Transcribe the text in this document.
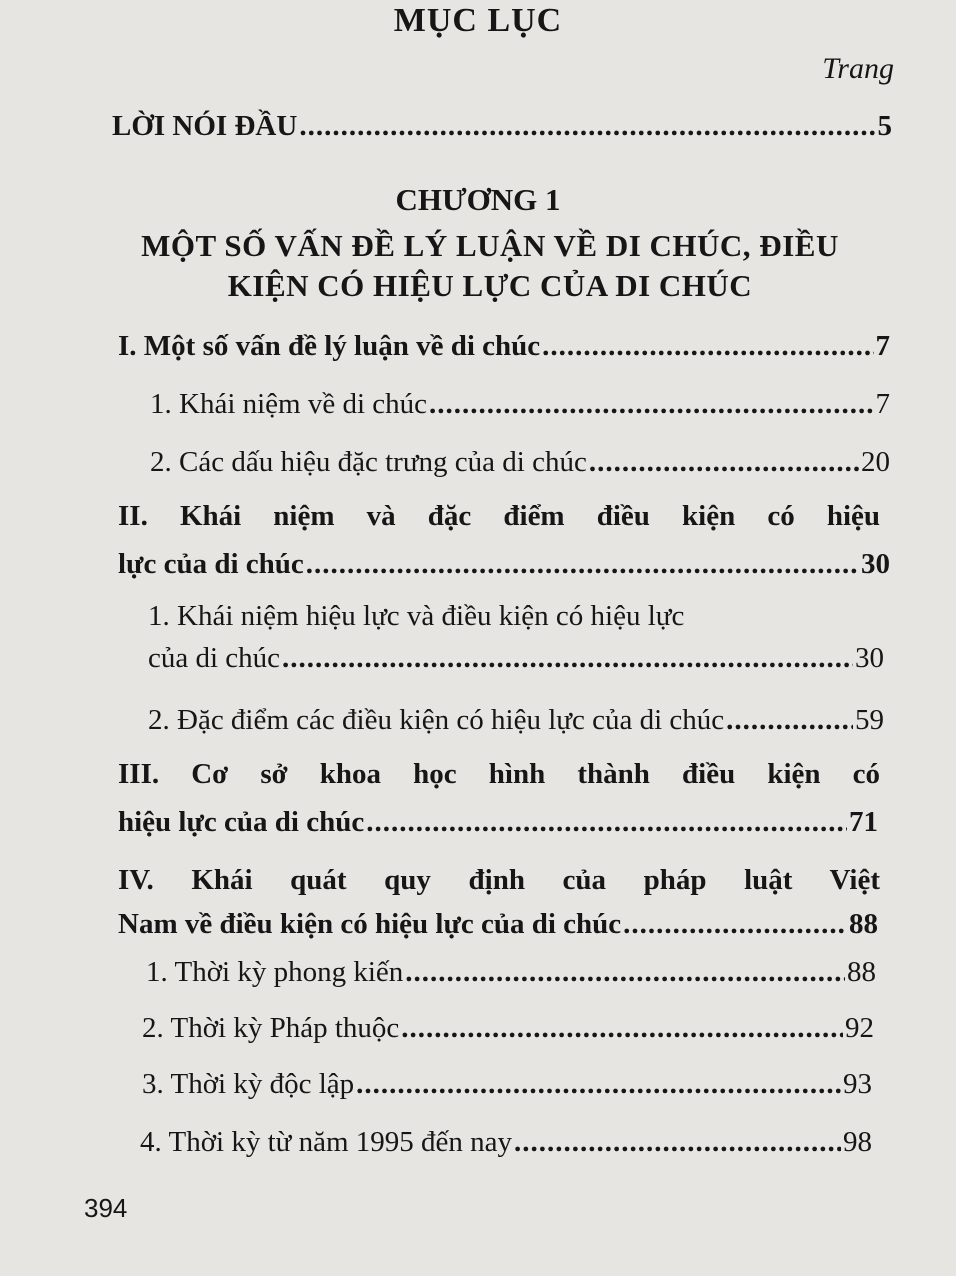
MỤC LỤC
Trang
LỜI NÓI ĐẦU .....	5
CHƯƠNG 1
MỘT SỐ VẤN ĐỀ LÝ LUẬN VỀ DI CHÚC, ĐIỀU
KIỆN CÓ HIỆU LỰC CỦA DI CHÚC
I. Một số vấn đề lý luận về di chúc .....	7
1. Khái niệm về di chúc .....	7
2. Các dấu hiệu đặc trưng của di chúc .....	20
II. Khái niệm và đặc điểm điều kiện có hiệu
lực của di chúc .....	30
1. Khái niệm hiệu lực và điều kiện có hiệu lực
của di chúc .....	30
2. Đặc điểm các điều kiện có hiệu lực của di chúc .....	59
III. Cơ sở khoa học hình thành điều kiện có
hiệu lực của di chúc .....	71
IV. Khái quát quy định của pháp luật Việt
Nam về điều kiện có hiệu lực của di chúc .....	88
1. Thời kỳ phong kiến .....	88
2. Thời kỳ Pháp thuộc .....	92
3. Thời kỳ độc lập .....	93
4. Thời kỳ từ năm 1995 đến nay .....	98
394
